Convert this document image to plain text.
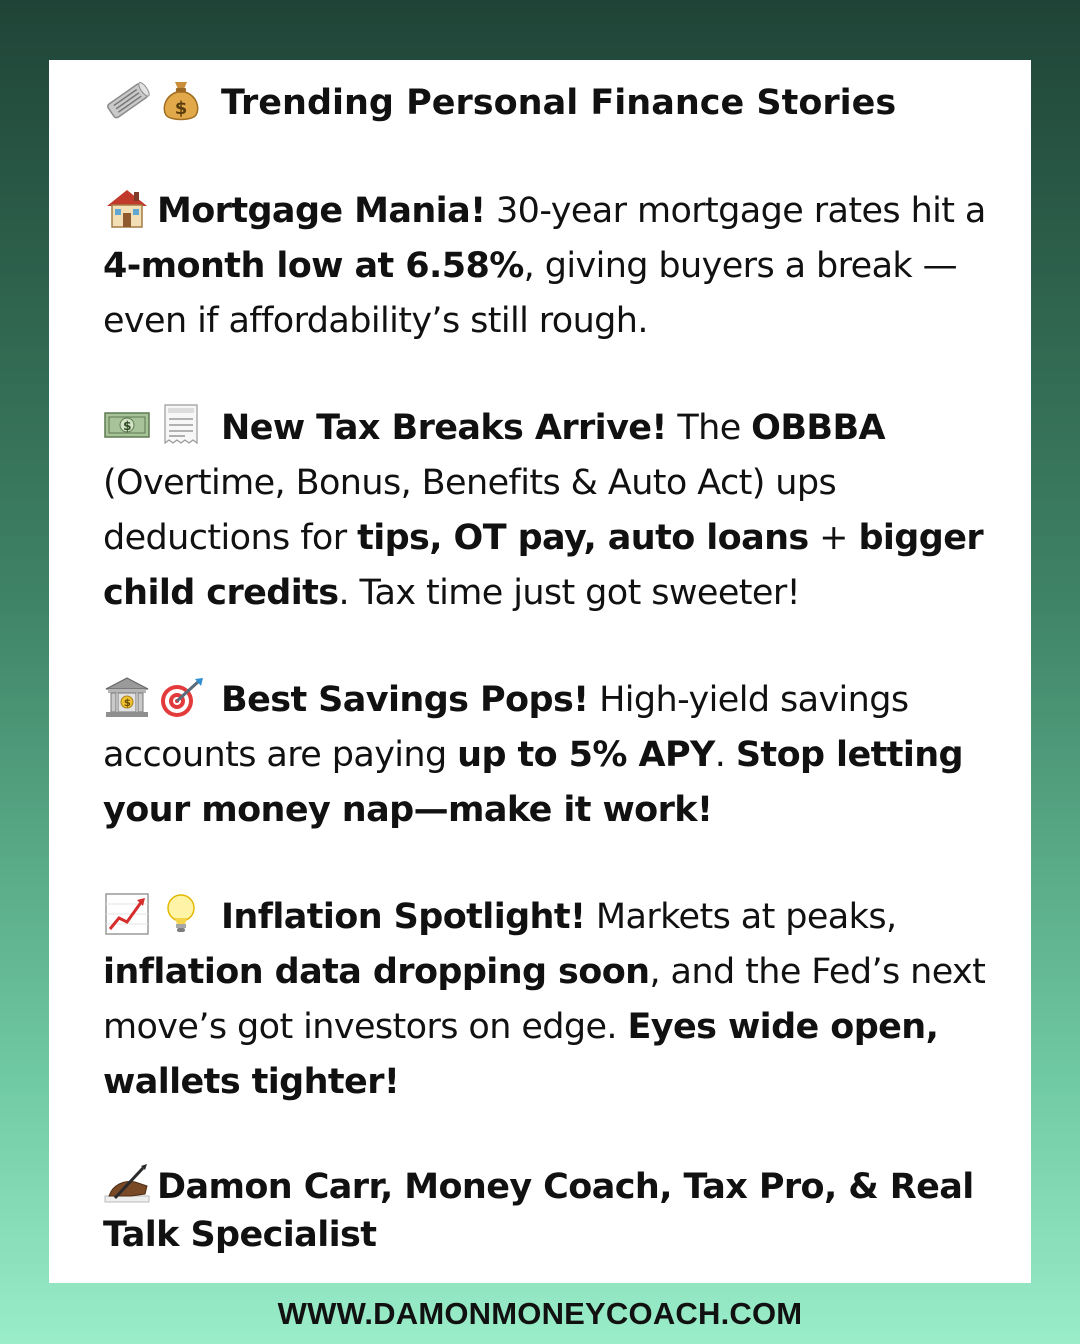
$ Trending Personal Finance Stories

Mortgage Mania! 30-year mortgage rates hit a 4-month low at 6.58%, giving buyers a break —even if affordability’s still rough.

$	New Tax Breaks Arrive! The OBBBA (Overtime, Bonus, Benefits & Auto Act) ups deductions for tips, OT pay, auto loans + bigger child credits. Tax time just got sweeter!

$	Best Savings Pops! High-yield savings accounts are paying up to 5% APY. Stop letting your money nap—make it work!

Inflation Spotlight! Markets at peaks, inflation data dropping soon, and the Fed’s next move’s got investors on edge. Eyes wide open, wallets tighter!

Damon Carr, Money Coach, Tax Pro, & Real Talk Specialist

WWW.DAMONMONEYCOACH.COM
